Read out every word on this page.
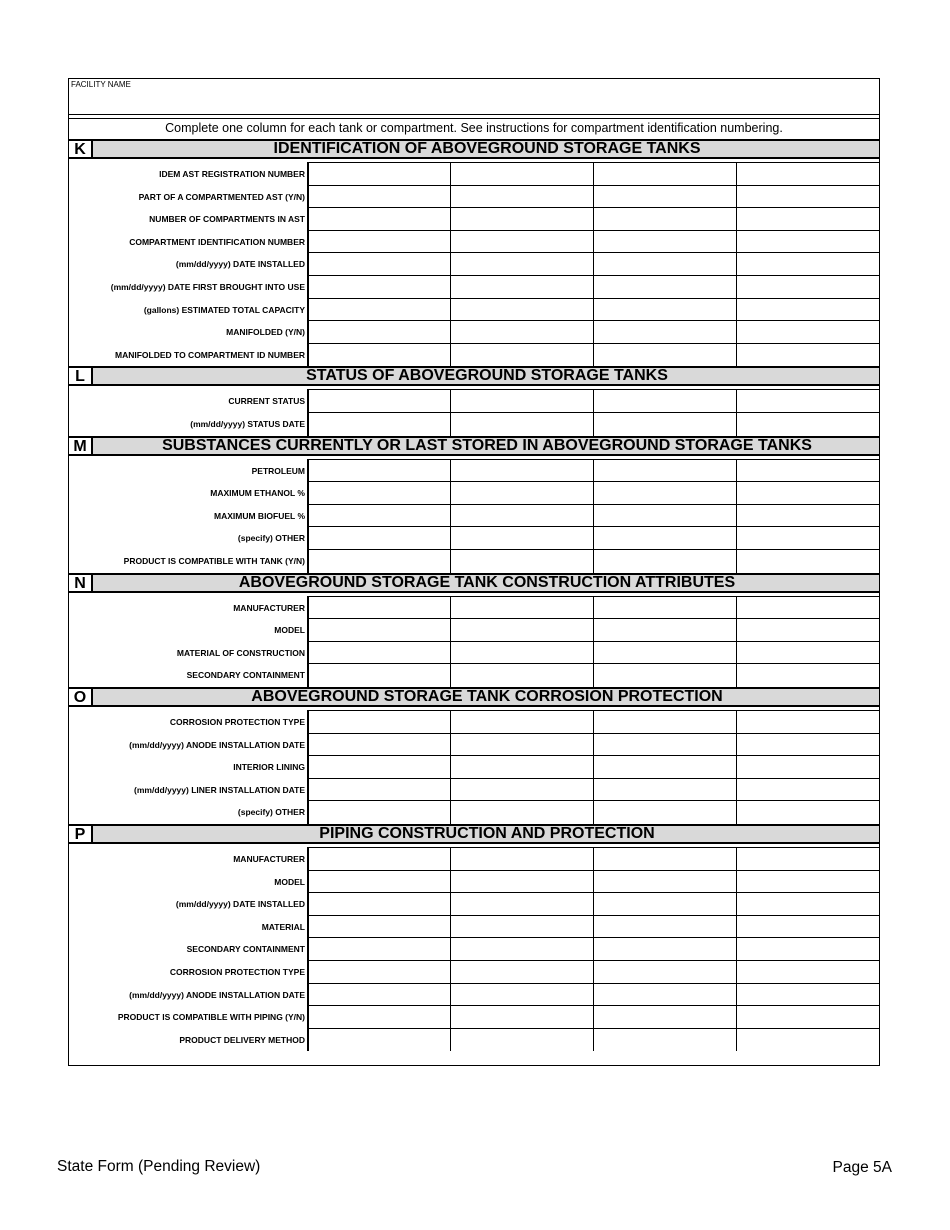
FACILITY NAME
Complete one column for each tank or compartment. See instructions for compartment identification numbering.
K	IDENTIFICATION OF ABOVEGROUND STORAGE TANKS
IDEM AST REGISTRATION NUMBER
PART OF A COMPARTMENTED AST (Y/N)
NUMBER OF COMPARTMENTS IN AST
COMPARTMENT IDENTIFICATION NUMBER
(mm/dd/yyyy) DATE INSTALLED
(mm/dd/yyyy) DATE FIRST BROUGHT INTO USE
(gallons) ESTIMATED TOTAL CAPACITY
MANIFOLDED (Y/N)
MANIFOLDED TO COMPARTMENT ID NUMBER
L	STATUS OF ABOVEGROUND STORAGE TANKS
CURRENT STATUS
(mm/dd/yyyy) STATUS DATE
M	SUBSTANCES CURRENTLY OR LAST STORED IN ABOVEGROUND STORAGE TANKS
PETROLEUM
MAXIMUM ETHANOL %
MAXIMUM BIOFUEL %
(specify) OTHER
PRODUCT IS COMPATIBLE WITH TANK (Y/N)
N	ABOVEGROUND STORAGE TANK CONSTRUCTION ATTRIBUTES
MANUFACTURER
MODEL
MATERIAL OF CONSTRUCTION
SECONDARY CONTAINMENT
O	ABOVEGROUND STORAGE TANK CORROSION PROTECTION
CORROSION PROTECTION TYPE
(mm/dd/yyyy) ANODE INSTALLATION DATE
INTERIOR LINING
(mm/dd/yyyy) LINER INSTALLATION DATE
(specify) OTHER
P	PIPING CONSTRUCTION AND PROTECTION
MANUFACTURER
MODEL
(mm/dd/yyyy) DATE INSTALLED
MATERIAL
SECONDARY CONTAINMENT
CORROSION PROTECTION TYPE
(mm/dd/yyyy) ANODE INSTALLATION DATE
PRODUCT IS COMPATIBLE WITH PIPING (Y/N)
PRODUCT DELIVERY METHOD
State Form (Pending Review)	Page 5A
